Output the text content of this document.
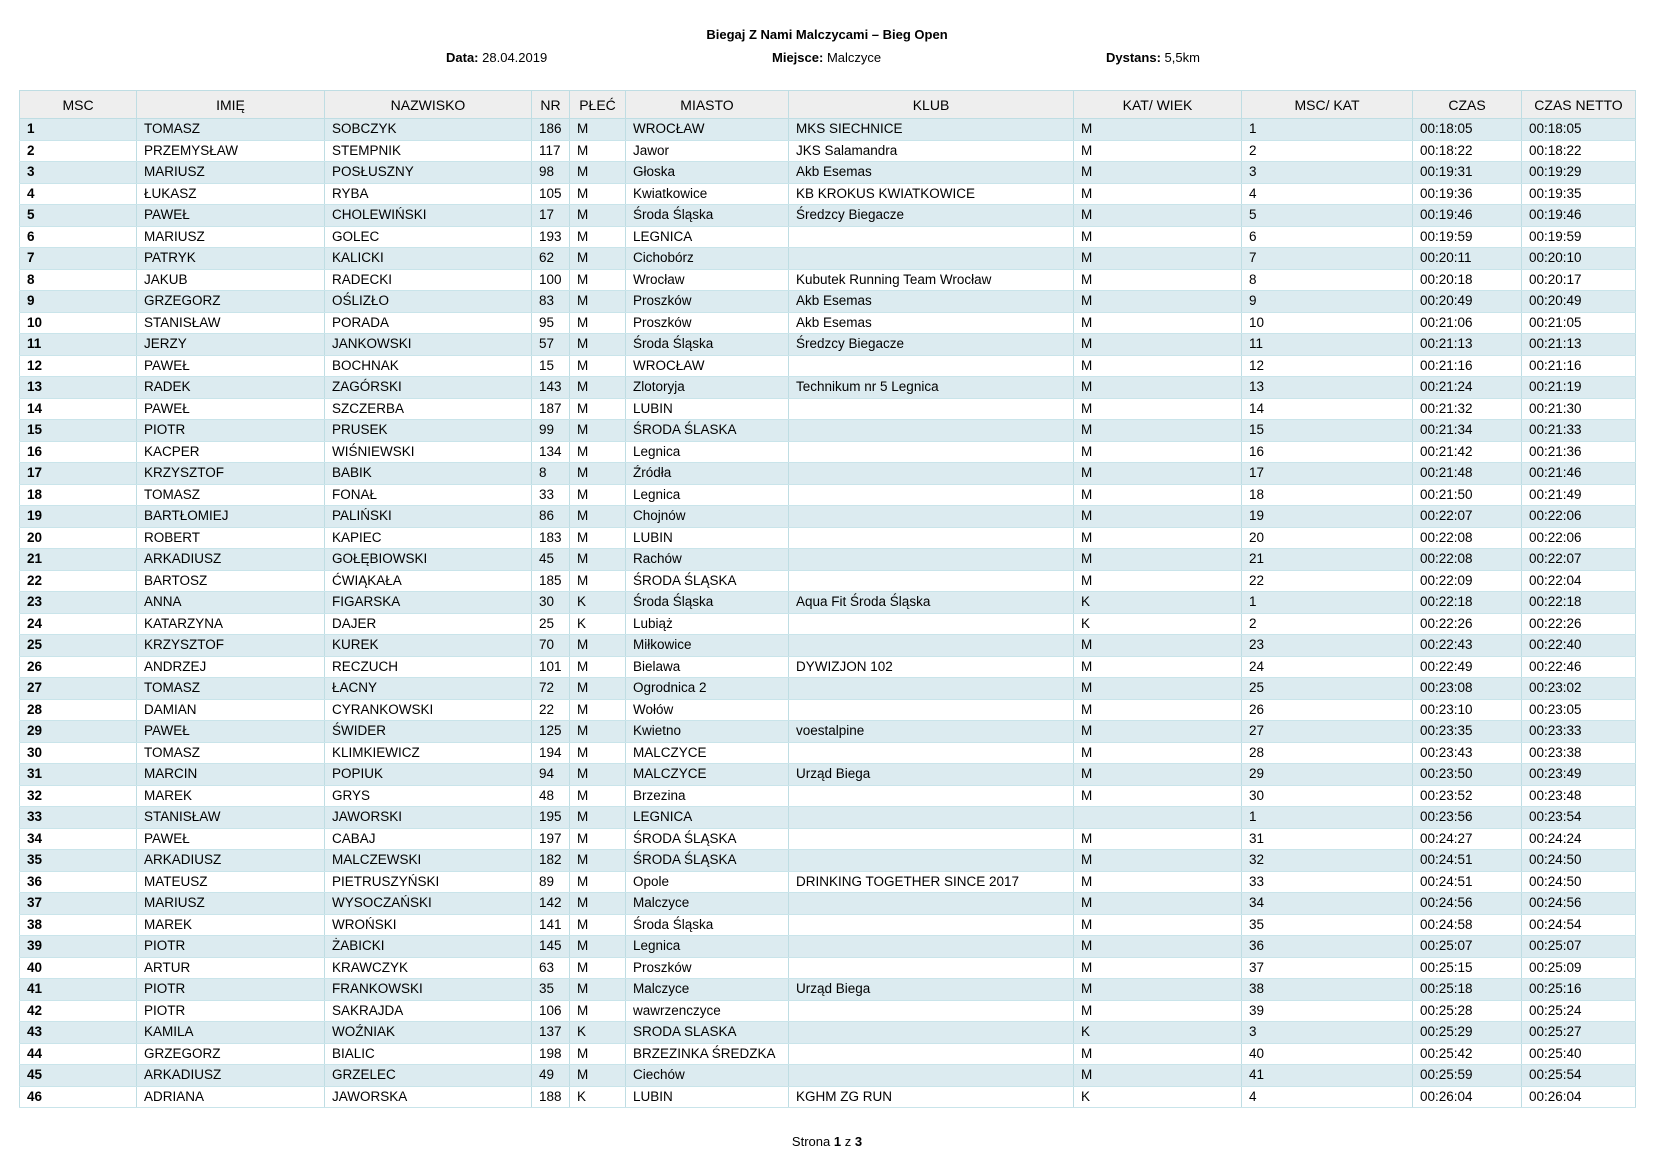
Biegaj Z Nami Malczycami – Bieg Open
Data: 28.04.2019	Miejsce: Malczyce	Dystans: 5,5km
MSC	IMIĘ	NAZWISKO	NR	PŁEĆ	MIASTO	KLUB	KAT/ WIEK	MSC/ KAT	CZAS	CZAS NETTO
1	TOMASZ	SOBCZYK	186	M	WROCŁAW	MKS SIECHNICE	M	1	00:18:05	00:18:05
2	PRZEMYSŁAW	STEMPNIK	117	M	Jawor	JKS Salamandra	M	2	00:18:22	00:18:22
3	MARIUSZ	POSŁUSZNY	98	M	Głoska	Akb Esemas	M	3	00:19:31	00:19:29
4	ŁUKASZ	RYBA	105	M	Kwiatkowice	KB KROKUS KWIATKOWICE	M	4	00:19:36	00:19:35
5	PAWEŁ	CHOLEWIŃSKI	17	M	Środa Śląska	Średzcy Biegacze	M	5	00:19:46	00:19:46
6	MARIUSZ	GOLEC	193	M	LEGNICA		M	6	00:19:59	00:19:59
7	PATRYK	KALICKI	62	M	Cichobórz		M	7	00:20:11	00:20:10
8	JAKUB	RADECKI	100	M	Wrocław	Kubutek Running Team Wrocław	M	8	00:20:18	00:20:17
9	GRZEGORZ	OŚLIZŁO	83	M	Proszków	Akb Esemas	M	9	00:20:49	00:20:49
10	STANISŁAW	PORADA	95	M	Proszków	Akb Esemas	M	10	00:21:06	00:21:05
11	JERZY	JANKOWSKI	57	M	Środa Śląska	Średzcy Biegacze	M	11	00:21:13	00:21:13
12	PAWEŁ	BOCHNAK	15	M	WROCŁAW		M	12	00:21:16	00:21:16
13	RADEK	ZAGÓRSKI	143	M	Zlotoryja	Technikum nr 5 Legnica	M	13	00:21:24	00:21:19
14	PAWEŁ	SZCZERBA	187	M	LUBIN		M	14	00:21:32	00:21:30
15	PIOTR	PRUSEK	99	M	ŚRODA ŚLASKA		M	15	00:21:34	00:21:33
16	KACPER	WIŚNIEWSKI	134	M	Legnica		M	16	00:21:42	00:21:36
17	KRZYSZTOF	BABIK	8	M	Źródła		M	17	00:21:48	00:21:46
18	TOMASZ	FONAŁ	33	M	Legnica		M	18	00:21:50	00:21:49
19	BARTŁOMIEJ	PALIŃSKI	86	M	Chojnów		M	19	00:22:07	00:22:06
20	ROBERT	KAPIEC	183	M	LUBIN		M	20	00:22:08	00:22:06
21	ARKADIUSZ	GOŁĘBIOWSKI	45	M	Rachów		M	21	00:22:08	00:22:07
22	BARTOSZ	ĆWIĄKAŁA	185	M	ŚRODA ŚLĄSKA		M	22	00:22:09	00:22:04
23	ANNA	FIGARSKA	30	K	Środa Śląska	Aqua Fit Środa Śląska	K	1	00:22:18	00:22:18
24	KATARZYNA	DAJER	25	K	Lubiąż		K	2	00:22:26	00:22:26
25	KRZYSZTOF	KUREK	70	M	Miłkowice		M	23	00:22:43	00:22:40
26	ANDRZEJ	RECZUCH	101	M	Bielawa	DYWIZJON 102	M	24	00:22:49	00:22:46
27	TOMASZ	ŁACNY	72	M	Ogrodnica 2		M	25	00:23:08	00:23:02
28	DAMIAN	CYRANKOWSKI	22	M	Wołów		M	26	00:23:10	00:23:05
29	PAWEŁ	ŚWIDER	125	M	Kwietno	voestalpine	M	27	00:23:35	00:23:33
30	TOMASZ	KLIMKIEWICZ	194	M	MALCZYCE		M	28	00:23:43	00:23:38
31	MARCIN	POPIUK	94	M	MALCZYCE	Urząd Biega	M	29	00:23:50	00:23:49
32	MAREK	GRYS	48	M	Brzezina		M	30	00:23:52	00:23:48
33	STANISŁAW	JAWORSKI	195	M	LEGNICA			1	00:23:56	00:23:54
34	PAWEŁ	CABAJ	197	M	ŚRODA ŚLĄSKA		M	31	00:24:27	00:24:24
35	ARKADIUSZ	MALCZEWSKI	182	M	ŚRODA ŚLĄSKA		M	32	00:24:51	00:24:50
36	MATEUSZ	PIETRUSZYŃSKI	89	M	Opole	DRINKING TOGETHER SINCE 2017	M	33	00:24:51	00:24:50
37	MARIUSZ	WYSOCZAŃSKI	142	M	Malczyce		M	34	00:24:56	00:24:56
38	MAREK	WROŃSKI	141	M	Środa Śląska		M	35	00:24:58	00:24:54
39	PIOTR	ŻABICKI	145	M	Legnica		M	36	00:25:07	00:25:07
40	ARTUR	KRAWCZYK	63	M	Proszków		M	37	00:25:15	00:25:09
41	PIOTR	FRANKOWSKI	35	M	Malczyce	Urząd Biega	M	38	00:25:18	00:25:16
42	PIOTR	SAKRAJDA	106	M	wawrzenczyce		M	39	00:25:28	00:25:24
43	KAMILA	WOŹNIAK	137	K	SRODA SLASKA		K	3	00:25:29	00:25:27
44	GRZEGORZ	BIALIC	198	M	BRZEZINKA ŚREDZKA		M	40	00:25:42	00:25:40
45	ARKADIUSZ	GRZELEC	49	M	Ciechów		M	41	00:25:59	00:25:54
46	ADRIANA	JAWORSKA	188	K	LUBIN	KGHM ZG RUN	K	4	00:26:04	00:26:04
Strona 1 z 3
